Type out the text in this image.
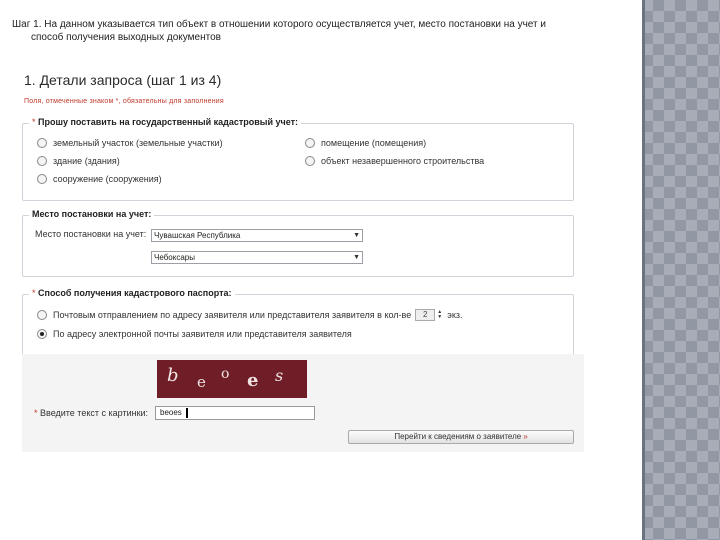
Шаг 1. На данном указывается тип объект в отношении которого осуществляется учет, место постановки на учет и
способ получения выходных документов
1. Детали запроса (шаг 1 из 4)
Поля, отмеченные знаком *, обязательны для заполнения
* Прошу поставить на государственный кадастровый учет:
земельный участок (земельные участки)
здание (здания)
сооружение (сооружения)
помещение (помещения)
объект незавершенного строительства
Место постановки на учет:
Место постановки на учет: Чувашская Республика	▼
Чебоксары	▼
* Способ получения кадастрового паспорта:
Почтовым отправлением по адресу заявителя или представителя заявителя в кол-ве	2 ▲
▼ экз.
По адресу электронной почты заявителя или представителя заявителя
b e o e s
* Введите текст с картинки:	bеоеs
Перейти к сведениям о заявителе »
